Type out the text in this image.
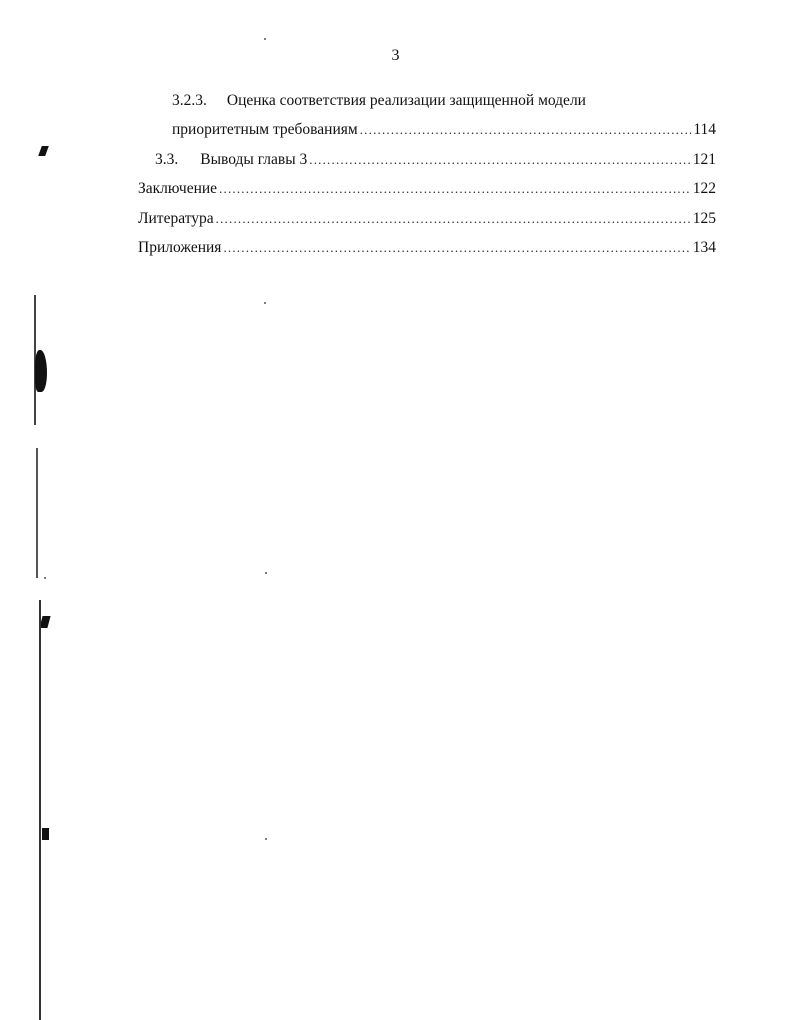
3
3.2.3. Оценка соответствия реализации защищенной модели
приоритетным требованиям .....	114
3.3. Выводы главы 3 .....	121
Заключение .....	122
Литература .....	125
Приложения .....	134
